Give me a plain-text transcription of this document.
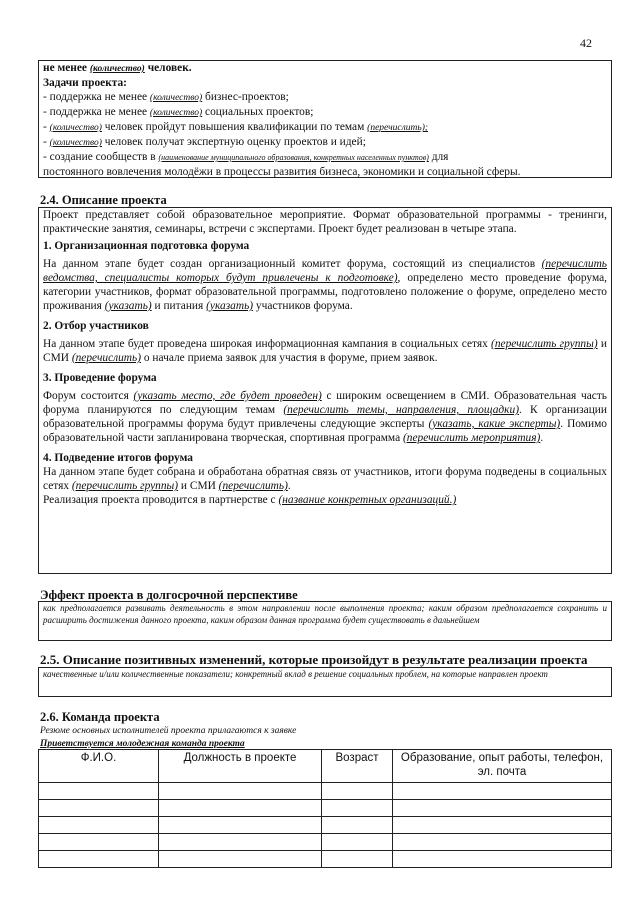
42
не менее (количество) человек.
Задачи проекта:
- поддержка не менее (количество) бизнес-проектов;
- поддержка не менее (количество) социальных проектов;
- (количество) человек пройдут повышения квалификации по темам (перечислить);
- (количество) человек получат экспертную оценку проектов и идей;
- создание сообществ в (наименование муниципального образования, конкретных населенных пунктов) для
постоянного вовлечения молодёжи в процессы развития бизнеса, экономики и социальной сферы.
2.4. Описание проекта
Проект представляет собой образовательное мероприятие. Формат образовательной программы - тренинги, практические занятия, семинары, встречи с экспертами. Проект будет реализован в четыре этапа.
1. Организационная подготовка форума
На данном этапе будет создан организационный комитет форума, состоящий из специалистов (перечислить ведомства, специалисты которых будут привлечены к подготовке), определено место проведение форума, категории участников, формат образовательной программы, подготовлено положение о форуме, определено место проживания (указать) и питания (указать) участников форума.
2. Отбор участников
На данном этапе будет проведена широкая информационная кампания в социальных сетях (перечислить группы) и СМИ (перечислить) о начале приема заявок для участия в форуме, прием заявок.
3. Проведение форума
Форум состоится (указать место, где будет проведен) с широким освещением в СМИ. Образовательная часть форума планируются по следующим темам (перечислить темы, направления, площадки). К организации образовательной программы форума будут привлечены следующие эксперты (указать, какие эксперты). Помимо образовательной части запланирована творческая, спортивная программа (перечислить мероприятия).
4. Подведение итогов форума
На данном этапе будет собрана и обработана обратная связь от участников, итоги форума подведены в социальных сетях (перечислить группы) и СМИ (перечислить).
Реализация проекта проводится в партнерстве с (название конкретных организаций.)
Эффект проекта в долгосрочной перспективе
как предполагается развивать деятельность в этом направлении после выполнения проекта; каким образом предполагается сохранить и расширить достижения данного проекта, каким образом данная программа будет существовать в дальнейшем
2.5. Описание позитивных изменений, которые произойдут в результате реализации проекта
качественные и/или количественные показатели; конкретный вклад в решение социальных проблем, на которые направлен проект
2.6. Команда проекта
Резюме основных исполнителей проекта прилагаются к заявке
Приветствуется молодежная команда проекта
Ф.И.О.	Должность в проекте	Возраст	Образование, опыт работы, телефон, эл. почта
